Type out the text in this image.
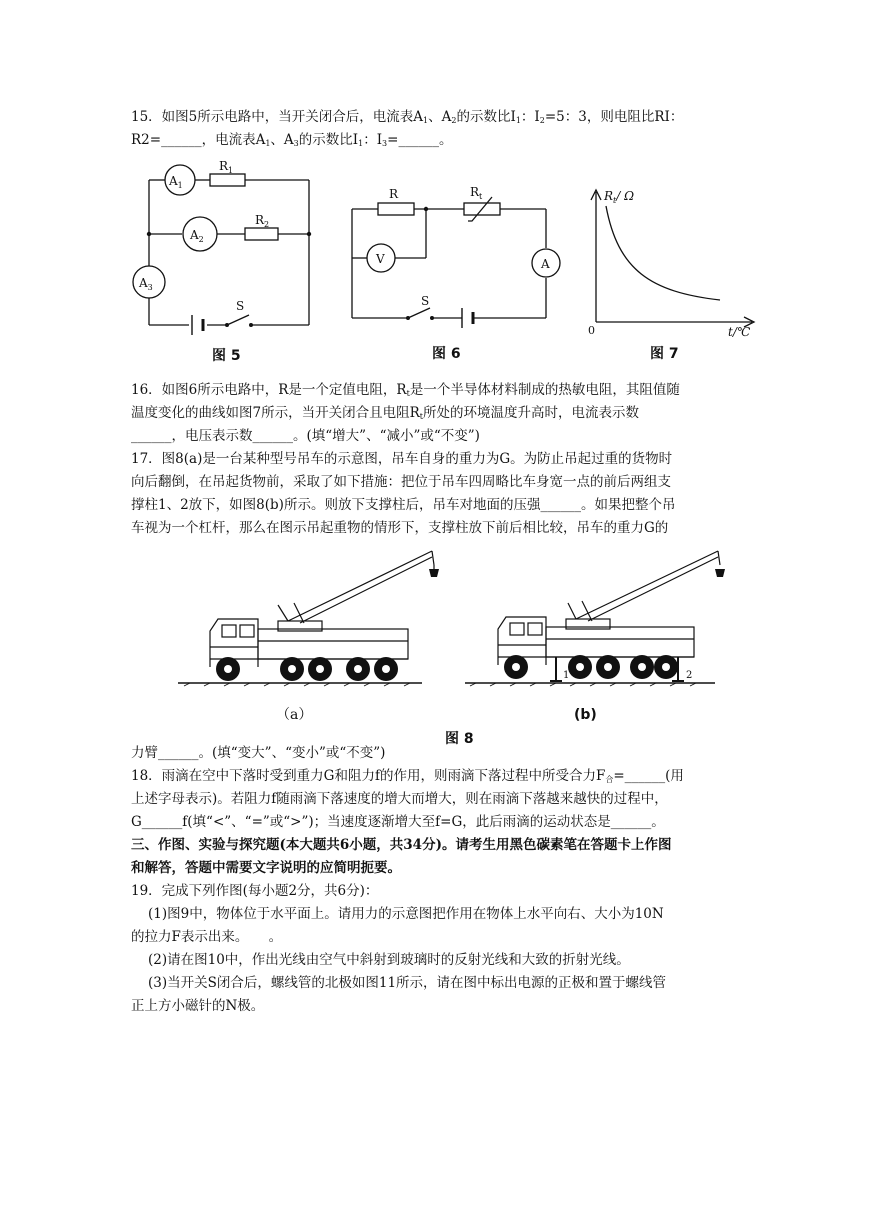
15．如图5所示电路中，当开关闭合后，电流表$A_1$、$A_2$的示数比$I_1$：$I_2=5$：3，则电阻比RI：
R2=______，电流表$A_1$、$A_3$的示数比$I_1$：$I_3=\_\_\_\_\_\_$。
$A_1$
$A_2$
$A_3$
$R_1$
$R_2$
S
图 5
R	$R_t$
V	A
S
图 6
$R_t/$ Ω
t/℃
0
图 7
16．如图6所示电路中，R是一个定值电阻，$R_t$是一个半导体材料制成的热敏电阻，其阻值随
温度变化的曲线如图7所示，当开关闭合且电阻$R_t$所处的环境温度升高时，电流表示数
______，电压表示数______。(填“增大”、“减小”或“不变”)
17．图8(a)是一台某种型号吊车的示意图，吊车自身的重力为G。为防止吊起过重的货物时
向后翻倒，在吊起货物前，采取了如下措施：把位于吊车四周略比车身宽一点的前后两组支
撑柱1、2放下，如图8(b)所示。则放下支撑柱后，吊车对地面的压强______。如果把整个吊
车视为一个杠杆，那么在图示吊起重物的情形下，支撑柱放下前后相比较，吊车的重力G的
1	2
（a）	(b)
图 8
力臂______。(填“变大”、“变小”或“不变”)
18．雨滴在空中下落时受到重力G和阻力f的作用，则雨滴下落过程中所受合力$F_合=\_\_\_\_\_\_$(用
上述字母表示)。若阻力f随雨滴下落速度的增大而增大，则在雨滴下落越来越快的过程中，
G______f(填“<”、“=”或“>”)；当速度逐渐增大至f=G，此后雨滴的运动状态是______。
三、作图、实验与探究题(本大题共6小题，共34分)。请考生用黑色碳素笔在答题卡上作图
和解答，答题中需要文字说明的应简明扼要。
19．完成下列作图(每小题2分，共6分)：
(1)图9中，物体位于水平面上。请用力的示意图把作用在物体上水平向右、大小为10N
的拉力F表示出来。　　。
(2)请在图10中，作出光线由空气中斜射到玻璃时的反射光线和大致的折射光线。
(3)当开关S闭合后，螺线管的北极如图11所示，请在图中标出电源的正极和置于螺线管
正上方小磁针的N极。
